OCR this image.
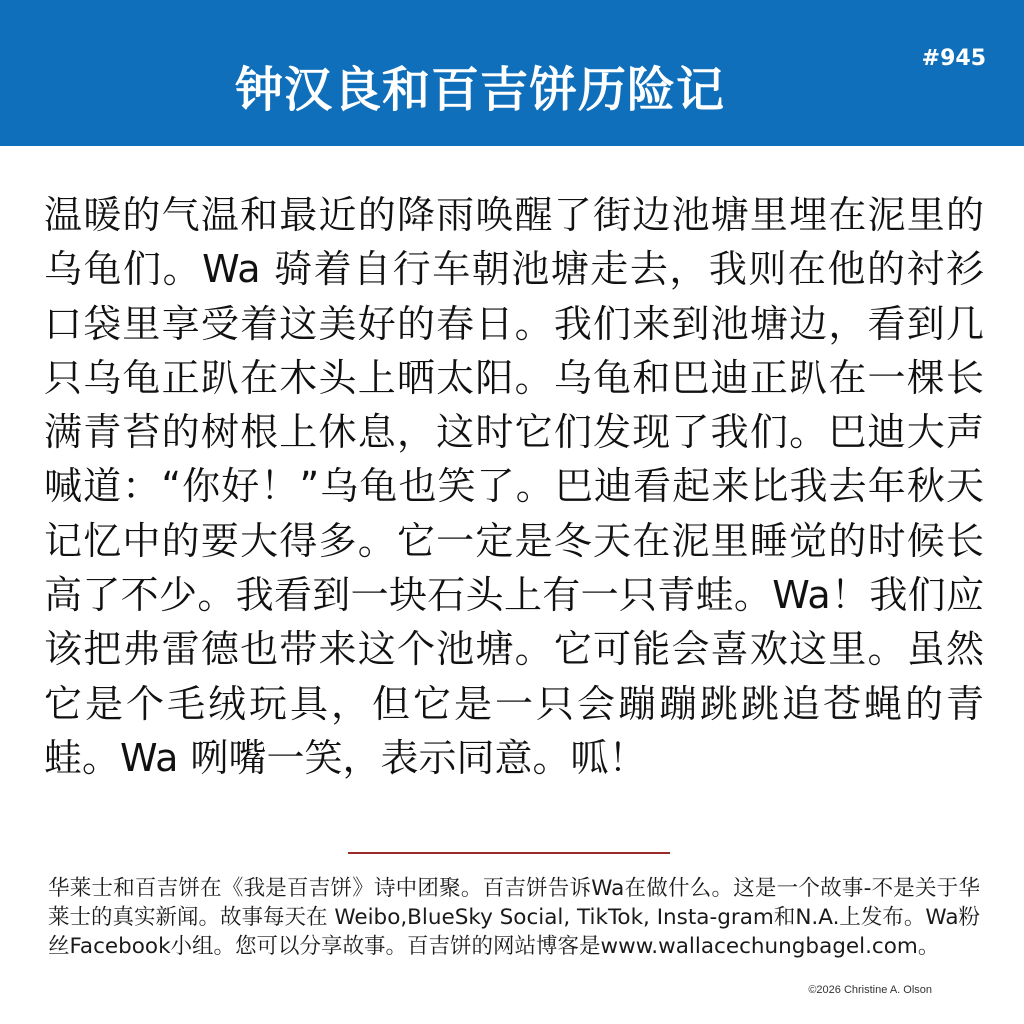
钟汉良和百吉饼历险记
#945

温暖的气温和最近的降雨唤醒了街边池塘里埋在泥里的乌龟们。Wa 骑着自行车朝池塘走去，我则在他的衬衫口袋里享受着这美好的春日。我们来到池塘边，看到几只乌龟正趴在木头上晒太阳。乌龟和巴迪正趴在一棵长满青苔的树根上休息，这时它们发现了我们。巴迪大声喊道：“你好！”乌龟也笑了。巴迪看起来比我去年秋天记忆中的要大得多。它一定是冬天在泥里睡觉的时候长高了不少。我看到一块石头上有一只青蛙。Wa！我们应该把弗雷德也带来这个池塘。它可能会喜欢这里。虽然它是个毛绒玩具，但它是一只会蹦蹦跳跳追苍蝇的青蛙。Wa 咧嘴一笑，表示同意。呱！

华莱士和百吉饼在《我是百吉饼》诗中团聚。百吉饼告诉Wa在做什么。这是一个故事-不是关于华莱士的真实新闻。故事每天在 Weibo,BlueSky Social, TikTok, Insta-gram和N.A.上发布。Wa粉丝Facebook小组。您可以分享故事。百吉饼的网站博客是www.wallacechungbagel.com。

©2026 Christine A. Olson
